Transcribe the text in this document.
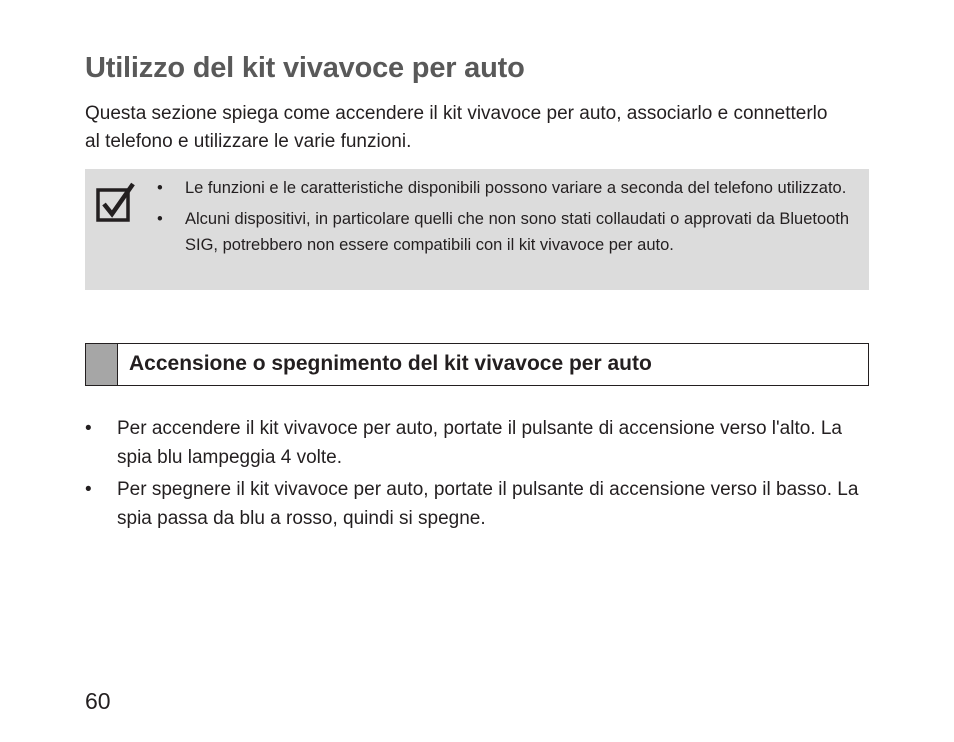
Utilizzo del kit vivavoce per auto

Questa sezione spiega come accendere il kit vivavoce per auto, associarlo e connetterlo al telefono e utilizzare le varie funzioni.

• Le funzioni e le caratteristiche disponibili possono variare a seconda del telefono utilizzato.
• Alcuni dispositivi, in particolare quelli che non sono stati collaudati o approvati da Bluetooth SIG, potrebbero non essere compatibili con il kit vivavoce per auto.
Accensione o spegnimento del kit vivavoce per auto
• Per accendere il kit vivavoce per auto, portate il pulsante di accensione verso l'alto. La spia blu lampeggia 4 volte.
• Per spegnere il kit vivavoce per auto, portate il pulsante di accensione verso il basso. La spia passa da blu a rosso, quindi si spegne.

60
